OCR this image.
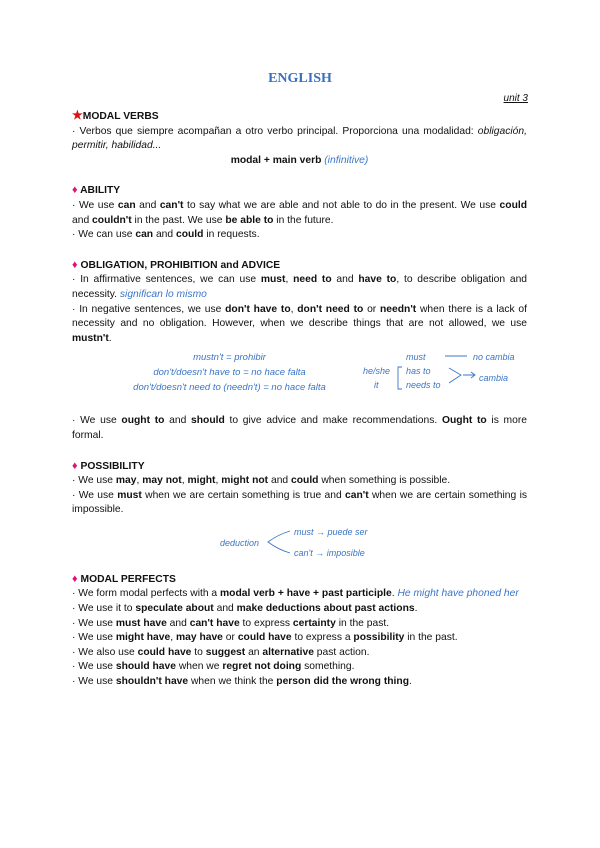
ENGLISH
unit 3

★MODAL VERBS

· Verbos que siempre acompañan a otro verbo principal. Proporciona una modalidad: obligación, permitir, habilidad...

modal + main verb (infinitive)

♦ ABILITY

· We use can and can't to say what we are able and not able to do in the present. We use could and couldn't in the past. We use be able to in the future.

· We can use can and could in requests.

♦ OBLIGATION, PROHIBITION and ADVICE

· In affirmative sentences, we can use must, need to and have to, to describe obligation and necessity. significan lo mismo

· In negative sentences, we use don't have to, don't need to or needn't when there is a lack of necessity and no obligation. However, when we describe things that are not allowed, we use mustn't.

mustn't = prohibir
don't/doesn't have to = no hace falta
don't/doesn't need to (needn't) = no hace falta
must	no cambia
he/she
it
has to
needs to
cambia

· We use ought to and should to give advice and make recommendations. Ought to is more formal.

♦ POSSIBILITY

· We use may, may not, might, might not and could when something is possible.

· We use must when we are certain something is true and can't when we are certain something is impossible.

deduction
must → puede ser
can't → imposible

♦ MODAL PERFECTS

· We form modal perfects with a modal verb + have + past participle. He might have phoned her

· We use it to speculate about and make deductions about past actions.

· We use must have and can't have to express certainty in the past.

· We use might have, may have or could have to express a possibility in the past.

· We also use could have to suggest an alternative past action.

· We use should have when we regret not doing something.

· We use shouldn't have when we think the person did the wrong thing.
